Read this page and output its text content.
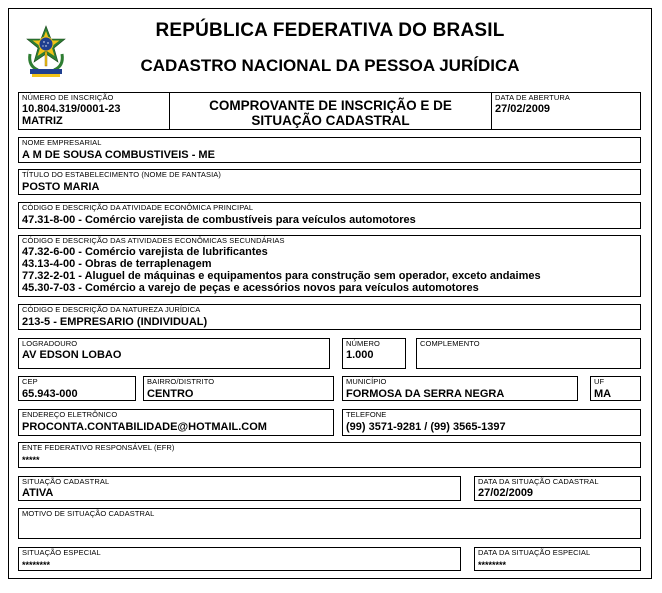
REPÚBLICA FEDERATIVA DO BRASIL
CADASTRO NACIONAL DA PESSOA JURÍDICA
NÚMERO DE INSCRIÇÃO
10.804.319/0001-23
MATRIZ
COMPROVANTE DE INSCRIÇÃO E DE
SITUAÇÃO CADASTRAL
DATA DE ABERTURA
27/02/2009
NOME EMPRESARIAL
A M DE SOUSA COMBUSTIVEIS - ME
TÍTULO DO ESTABELECIMENTO (NOME DE FANTASIA)
POSTO MARIA
CÓDIGO E DESCRIÇÃO DA ATIVIDADE ECONÔMICA PRINCIPAL
47.31-8-00 - Comércio varejista de combustíveis para veículos automotores
CÓDIGO E DESCRIÇÃO DAS ATIVIDADES ECONÔMICAS SECUNDÁRIAS
47.32-6-00 - Comércio varejista de lubrificantes
43.13-4-00 - Obras de terraplenagem
77.32-2-01 - Aluguel de máquinas e equipamentos para construção sem operador, exceto andaimes
45.30-7-03 - Comércio a varejo de peças e acessórios novos para veículos automotores
CÓDIGO E DESCRIÇÃO DA NATUREZA JURÍDICA
213-5 - EMPRESARIO (INDIVIDUAL)
LOGRADOURO
AV EDSON LOBAO
NÚMERO
1.000
COMPLEMENTO
CEP
65.943-000
BAIRRO/DISTRITO
CENTRO
MUNICÍPIO
FORMOSA DA SERRA NEGRA
UF
MA
ENDEREÇO ELETRÔNICO
PROCONTA.CONTABILIDADE@HOTMAIL.COM
TELEFONE
(99) 3571-9281 / (99) 3565-1397
ENTE FEDERATIVO RESPONSÁVEL (EFR)
*****
SITUAÇÃO CADASTRAL
ATIVA
DATA DA SITUAÇÃO CADASTRAL
27/02/2009
MOTIVO DE SITUAÇÃO CADASTRAL
SITUAÇÃO ESPECIAL
********
DATA DA SITUAÇÃO ESPECIAL
********
